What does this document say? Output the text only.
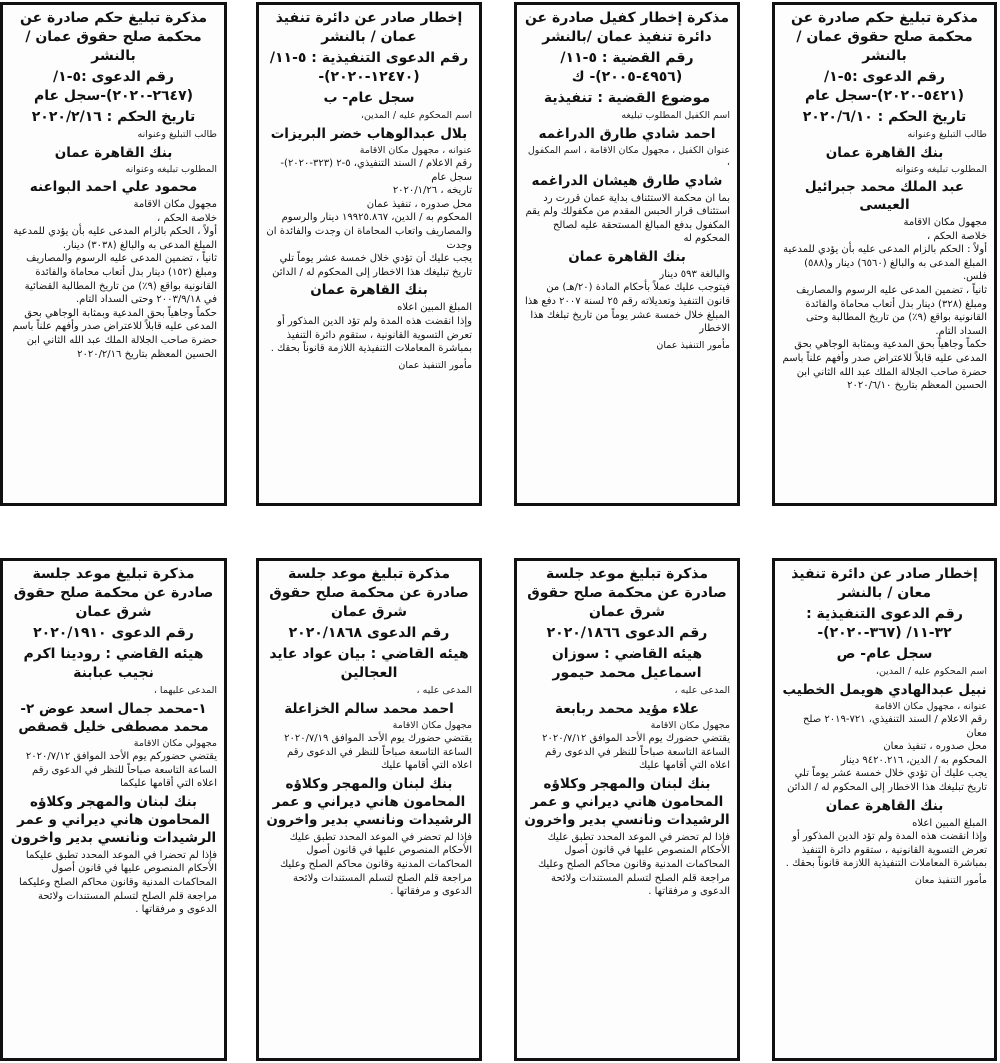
مذكرة تبليغ حكم صادرة عن محكمة صلح حقوق عمان / بالنشر
رقم الدعوى :٥-١/ (٥٤٢١-٢٠٢٠)-سجل عام
تاريخ الحكم : ٢٠٢٠/٦/١٠
طالب التبليغ وعنوانه
بنك القاهرة عمان
المطلوب تبليغه وعنوانه
عبد الملك محمد جبرائيل العيسى
مجهول مكان الاقامة
خلاصة الحكم ،
أولاً : الحكم بالزام المدعى عليه بأن يؤدي للمدعية المبلغ المدعى به والبالغ (٦٥٦٠) دينار و(٥٨٨) فلس.
ثانياً ، تضمين المدعى عليه الرسوم والمصاريف ومبلغ (٣٢٨) دينار بدل أتعاب محاماة والفائدة القانونية بواقع (٩٪) من تاريخ المطالبة وحتى السداد التام.
حكماً وجاهياً بحق المدعية وبمثابة الوجاهي بحق المدعى عليه قابلاً للاعتراض صدر وأفهم علناً باسم حضرة صاحب الجلالة الملك عبد الله الثاني ابن الحسين المعظم بتاريخ ٢٠٢٠/٦/١٠
مذكرة إخطار كفيل صادرة عن دائرة تنفيذ عمان /بالنشر
رقم القضية : ٥-١١/ (٤٩٥٦-٢٠٠٥)- ك
موضوع القضية : تنفيذية
اسم الكفيل المطلوب تبليغه
احمد شادي طارق الدراغمه
عنوان الكفيل ، مجهول مكان الاقامة ، اسم المكفول ،
شادي طارق هيشان الدراغمه
بما ان محكمة الاستئناف بداية عمان قررت رد استئناف قرار الحبس المقدم من مكفولك ولم يقم المكفول بدفع المبالغ المستحقة عليه لصالح المحكوم له
بنك القاهرة عمان
والبالغة ٥٩٣ دينار
فيتوجب عليك عملاً بأحكام المادة (٢٠/هـ) من قانون التنفيذ وتعديلاته رقم ٢٥ لسنة ٢٠٠٧ دفع هذا المبلغ خلال خمسة عشر يوماً من تاريخ تبلغك هذا الاخطار
مأمور التنفيذ عمان
إخطار صادر عن دائرة تنفيذ عمان / بالنشر
رقم الدعوى التنفيذية : ٥-١١/ (١٢٤٧٠-٢٠٢٠)-
سجل عام- ب
اسم المحكوم عليه / المدين،
بلال عبدالوهاب خضر البريزات
عنوانه ، مجهول مكان الاقامة
رقم الاعلام / السند التنفيذي، ٥-٢ (٣٢٣-٢٠٢٠)- سجل عام
تاريخه ، ٢٠٢٠/١/٢٦
محل صدوره ، تنفيذ عمان
المحكوم به / الدين، ١٩٩٢٥.٨٦٧ دينار والرسوم والمصاريف واتعاب المحاماة ان وجدت والفائدة ان وجدت
يجب عليك أن تؤدي خلال خمسة عشر يوماً تلي تاريخ تبليغك هذا الاخطار إلى المحكوم له / الدائن
بنك القاهرة عمان
المبلغ المبين اعلاه
وإذا انقضت هذه المدة ولم تؤد الدين المذكور أو تعرض التسوية القانونية ، ستقوم دائرة التنفيذ بمباشرة المعاملات التنفيذية اللازمة قانوناً بحقك .
مأمور التنفيذ عمان
مذكرة تبليغ حكم صادرة عن محكمة صلح حقوق عمان / بالنشر
رقم الدعوى :٥-١/ (٢٦٤٧-٢٠٢٠)-سجل عام
تاريخ الحكم : ٢٠٢٠/٢/١٦
طالب التبليغ وعنوانه
بنك القاهرة عمان
المطلوب تبليغه وعنوانه
محمود علي احمد البواعنه
مجهول مكان الاقامة
خلاصة الحكم ،
أولاً ، الحكم بالزام المدعى عليه بأن يؤدي للمدعية المبلغ المدعى به والبالغ (٣٠٣٨) دينار.
ثانياً ، تضمين المدعى عليه الرسوم والمصاريف ومبلغ (١٥٢) دينار بدل أتعاب محاماة والفائدة القانونية بواقع (٩٪) من تاريخ المطالبة القضائية في ٢٠٠٣/٩/١٨ وحتى السداد التام.
حكماً وجاهياً بحق المدعية وبمثابة الوجاهي بحق المدعى عليه قابلاً للاعتراض صدر وأفهم علناً باسم حضرة صاحب الجلالة الملك عبد الله الثاني ابن الحسين المعظم بتاريخ ٢٠٢٠/٢/١٦
إخطار صادر عن دائرة تنفيذ معان / بالنشر
رقم الدعوى التنفيذية : ٣٢-١١/ (٣٦٧-٢٠٢٠)-
سجل عام- ص
اسم المحكوم عليه / المدين،
نبيل عبدالهادي هويمل الخطيب
عنوانه ، مجهول مكان الاقامة
رقم الاعلام / السند التنفيذي، ٧٢١-٢٠١٩ صلح معان
محل صدوره ، تنفيذ معان
المحكوم به / الدين، ٩٤٢٠.٢١٦ دينار
يجب عليك أن تؤدي خلال خمسة عشر يوماً تلي تاريخ تبليغك هذا الاخطار إلى المحكوم له / الدائن
بنك القاهرة عمان
المبلغ المبين اعلاه
وإذا انقضت هذه المدة ولم تؤد الدين المذكور أو تعرض التسوية القانونية ، ستقوم دائرة التنفيذ بمباشرة المعاملات التنفيذية اللازمة قانوناً بحقك .
مأمور التنفيذ معان
مذكرة تبليغ موعد جلسة صادرة عن محكمة صلح حقوق شرق عمان
رقم الدعوى ٢٠٢٠/١٨٦٦
هيئه القاضي : سوزان اسماعيل محمد حيمور
المدعى عليه ،
علاء مؤيد محمد ربابعة
مجهول مكان الاقامة
يقتضي حضورك يوم الأحد الموافق ٢٠٢٠/٧/١٢
الساعة التاسعة صباحاً للنظر في الدعوى رقم اعلاه التي أقامها عليك
بنك لبنان والمهجر وكلاؤه المحامون هاني ديراني و عمر الرشيدات ونانسي بدير واخرون
فإذا لم تحضر في الموعد المحدد تطبق عليك الأحكام المنصوص عليها في قانون أصول المحاكمات المدنية وقانون محاكم الصلح وعليك مراجعة قلم الصلح لتسلم المستندات ولائحة الدعوى و مرفقاتها .
مذكرة تبليغ موعد جلسة صادرة عن محكمة صلح حقوق شرق عمان
رقم الدعوى ٢٠٢٠/١٨٦٨
هيئه القاضي : بيان عواد عايد العجالين
المدعى عليه ،
احمد محمد سالم الخزاعلة
مجهول مكان الاقامة
يقتضي حضورك يوم الأحد الموافق ٢٠٢٠/٧/١٩
الساعة التاسعة صباحاً للنظر في الدعوى رقم اعلاه التي أقامها عليك
بنك لبنان والمهجر وكلاؤه المحامون هاني ديراني و عمر الرشيدات ونانسي بدير واخرون
فإذا لم تحضر في الموعد المحدد تطبق عليك الأحكام المنصوص عليها في قانون أصول المحاكمات المدنية وقانون محاكم الصلح وعليك مراجعة قلم الصلح لتسلم المستندات ولائحة الدعوى و مرفقاتها .
مذكرة تبليغ موعد جلسة صادرة عن محكمة صلح حقوق شرق عمان
رقم الدعوى ٢٠٢٠/١٩١٠
هيئه القاضي : رودينا اكرم نجيب عبابنة
المدعى عليهما ،
١-محمد جمال اسعد عوض ٢-محمد مصطفى خليل قصقص
مجهولي مكان الاقامة
يقتضي حضوركم يوم الأحد الموافق ٢٠٢٠/٧/١٢
الساعة التاسعة صباحاً للنظر في الدعوى رقم اعلاه التي أقامها عليكما
بنك لبنان والمهجر وكلاؤه المحامون هاني ديراني و عمر الرشيدات ونانسي بدير واخرون
فإذا لم تحضرا في الموعد المحدد تطبق عليكما الأحكام المنصوص عليها في قانون أصول المحاكمات المدنية وقانون محاكم الصلح وعليكما مراجعة قلم الصلح لتسلم المستندات ولائحة الدعوى و مرفقاتها .
